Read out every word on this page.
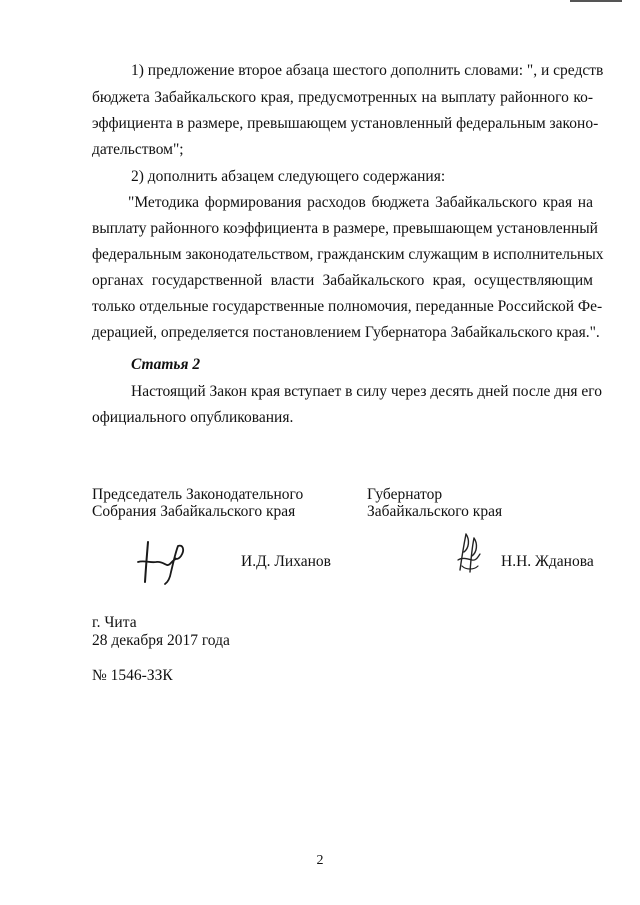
1) предложение второе абзаца шестого дополнить словами: ", и средств
бюджета Забайкальского края, предусмотренных на выплату районного ко-
эффициента в размере, превышающем установленный федеральным законо-
дательством";
2) дополнить абзацем следующего содержания:
"Методика формирования расходов бюджета Забайкальского края на
выплату районного коэффициента в размере, превышающем установленный
федеральным законодательством, гражданским служащим в исполнительных
органах государственной власти Забайкальского края, осуществляющим
только отдельные государственные полномочия, переданные Российской Фе-
дерацией, определяется постановлением Губернатора Забайкальского края.".
Статья 2
Настоящий Закон края вступает в силу через десять дней после дня его
официального опубликования.
Председатель Законодательного
Собрания Забайкальского края
Губернатор
Забайкальского края
И.Д. Лиханов	Н.Н. Жданова
г. Чита
28 декабря 2017 года
№ 1546-ЗЗК
2
